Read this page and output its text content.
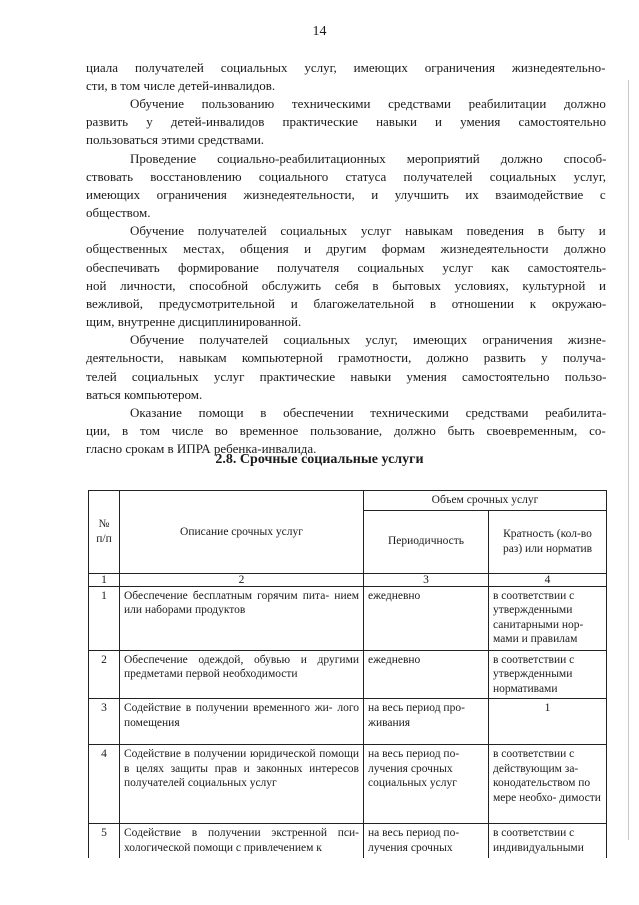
14
циала получателей социальных услуг, имеющих ограничения жизнедеятельно-
сти, в том числе детей-инвалидов.
Обучение пользованию техническими средствами реабилитации должно
развить у детей-инвалидов практические навыки и умения самостоятельно
пользоваться этими средствами.
Проведение социально-реабилитационных мероприятий должно способ-
ствовать восстановлению социального статуса получателей социальных услуг,
имеющих ограничения жизнедеятельности, и улучшить их взаимодействие с
обществом.
Обучение получателей социальных услуг навыкам поведения в быту и
общественных местах, общения и другим формам жизнедеятельности должно
обеспечивать формирование получателя социальных услуг как самостоятель-
ной личности, способной обслужить себя в бытовых условиях, культурной и
вежливой, предусмотрительной и благожелательной в отношении к окружаю-
щим, внутренне дисциплинированной.
Обучение получателей социальных услуг, имеющих ограничения жизне-
деятельности, навыкам компьютерной грамотности, должно развить у получа-
телей социальных услуг практические навыки умения самостоятельно пользо-
ваться компьютером.
Оказание помощи в обеспечении техническими средствами реабилита-
ции, в том числе во временное пользование, должно быть своевременным, со-
гласно срокам в ИПРА ребенка-инвалида.
2.8. Срочные социальные услуги
№ п/п	Описание срочных услуг	Объем срочных услуг	
		Периодичность	Кратность (кол-во раз) или норматив
1	2	3	4
1	Обеспечение бесплатным горячим пита- нием или наборами продуктов	ежедневно	в соответствии с утвержденными санитарными нор- мами и правилам
2	Обеспечение одеждой, обувью и другими предметами первой необходимости	ежедневно	в соответствии с утвержденными нормативами
3	Содействие в получении временного жи- лого помещения	на весь период про- живания	1
4	Содействие в получении юридической помощи в целях защиты прав и законных интересов получателей социальных услуг	на весь период по- лучения срочных социальных услуг	в соответствии с действующим за- конодательством по мере необхо- димости
5	Содействие в получении экстренной пси- хологической помощи с привлечением к	на весь период по- лучения срочных	в соответствии с индивидуальными
